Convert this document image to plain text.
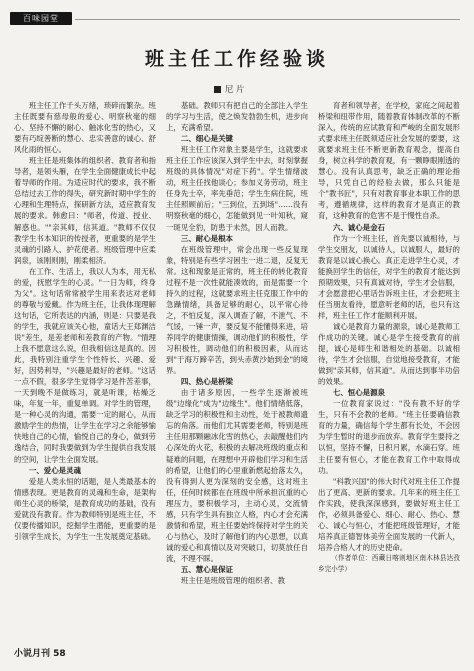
百味园堂
班主任工作经验谈
尼 片

班主任工作千头万绪，琐碎而繁杂。班主任既要有慈母般的爱心、明察秋毫的细心、坚持不懈的耐心、触冰化雪的热心，又要有巧绽善断的慧心、忠实善意的诚心、舒风化雨的恒心。

班主任是班集体的组织者、教育者和指导者，是领头雁，在学生全面健康成长中起着导师的作用。为适应时代的要求，我不断总结过去工作的得失，研究新时期中学生的心理和生理特点，探研新方法，适应教育发展的要求。韩愈曰："师者，传道、授业、解惑也。""亲其师，信其道。"教师不仅仅教学生书本知识的传授者，更重要的是学生灵魂的引路人、护花使者。班级管理中应柔润泉，该刚则刚，刚柔相济。

在工作、生活上，我以人为本，用无私的爱，抚慰学生的心灵。"一日为师，终身为父"。这句话常常被学生用来表达对老师的尊敬与爱戴。作为班主任，让我体现理解这句话，它所表达的内涵，则是：只要是我的学生，我就应该关心他，童话大王郑渊洁说"差生，是差老师和差教育的产物。"情理上我不愿意这么说，但我相信这是真的。因此，我特别注重学生个性特长、兴趣、爱好，因势利导，"兴趣是最好的老师。"这话一点不假，很多学生觉得学习是件苦差事，一天到晚不是做练习，就是听课，枯燥乏味，年复一年，重复单调。对学生的管理，是一种心灵的沟通，需要一定的耐心，从而激励学生的热情，让学生在学习之余能够愉快地自己的心情，愉悦自己的身心，做到劳逸结合，同时我要做到为学生提供自我发展的空间，让学生全面发展。

一、爱心是灵魂

爱是人类永恒的话题，是人类最基本的情感表现。更是教育的灵魂和生命，是架构师生心灵的桥梁，是教育成功的基础，没有爱就没有教育。作为教师特别是班主任，不仅要传播知识，挖掘学生潜能，更重要的是引领学生成长，为学生一生发展奠定基础。

基础。教师只有把自己的全部注入学生的学习与生活，使之焕发勃勃生机，进步向上，充满希望。

二、细心是关键

班主任工作对象主要是学生，这就要求班主任工作应该深入到学生中去，时刻掌握班级的具体情况"对症下药"。学生情绪波动，班主任找他谈心；参加义务劳动，班主任身先士卒，率先垂范；学生生病住院，班主任照顾前后；"三到位，五到场"……没有明察秋毫的细心，怎能做到见一叶知秋，窥一斑见全豹，防患于未然，因人而教。

三、耐心是根本

在班级管理中，常会出现一些反复现象，特别是有些学习困生一进二退，反复无常。这和现象是正常的，班主任的转化教育过程不是一次性就能凑效的，而是需要一个持久的过程，这就要求班主任克服工作中的急躁情绪，具备足够的耐心，以平常心待之，不怕反复，深入调查了解，不泄气、不气馁，一锤一声，要反复不能懂得来进，培养同学的健康情操，调动他们的积极性，学习积极性，调动他们的积极因素，从而达到"于海万蹄辛苦，到头赤黄沙始到金"的境界。

四、热心是桥梁

由于诸多原因，一些学生逐渐被班级"边缘化"成为"边缘生"。他们情绪低落，缺乏学习的积极性和主动性，处于被教师遗忘的角落。而他们尤其需要老师，特别是班主任用那颗融冰化雪的热心，去敲醒他们内心深处的火花，积极的去解决班级的重点和疑难的问题，在理想中开辟他们学习和生活的希望，让他们的心里重新燃起拾落太久，没有得到人更为深刻的安全感，这对班主任，任何时候都在在班级中所承担沉重的心理压力，要积极学习，主动心灵，交流情感，只有学生具有独立人格，内心才会充满激情和希望，班主任要始终保持对学生的关心与热心，及时了解他们的内心思想，以真诚的爱心和真情以及对突破口，切莫放任自流，不理不睬。

五、慧心是保证

班主任是班级管理的组织者、教

育者和领导者，在学校，家庭之间起着桥梁和纽带作用，随着教育体制改革的不断深入，传统的应试教育和严峻的全面发展形式要求班主任既须适应社会发展的要要，这就要求班主任不断更新教育观念，提高自身，树立科学的教育观，有一颗睁眼刚透的慧心。没有认真思考，缺乏正确的理论指导，只凭自己的经验去做，那么只能是个"教书匠"，只有对教育事业本职工作的思考，遵循规律，这样的教育才是真正的教育，这种教育的危害不是于慢性自杀。

六、诚心是金石

作为一个班主任，首先要以诚相待，与学生交朋友，以诚待人，以诚服人，最好的教育是以诚心换心。真正走进学生心灵，才能换回学生的信任，对学生的教育才能达到预期效果，只有真诚对待，学生才会信服，才会愿意把心里话告诉班主任，才会把班主任当朋友看待，愿意听老师的话，也只有这样，班主任工作才能顺利开展。

诚心是教育力量的源泉，诚心是教师工作成功的关键。诚心是学生接受教育的前提，诚心是师生和谐相处的基础。以诚相待，学生才会信服，自觉地接受教育，才能做到"亲其师，信其道"。从而达到事半功倍的效果。

七、恒心是源泉

一位教育家说过："没有教不好的学生，只有不会教的老师。"班主任要确信教育的力量，确信每个学生都有长处，不会因为学生暂时的退步而放弃。教育学生要持之以恒，坚持不懈，日积月累，水滴石穿。班主任要有恒心，才能在教育工作中取得成功。

"科教兴国"的伟大时代对班主任工作提出了更高、更新的要求。几年来的班主任工作实践，使我深深感到，要做好班主任工作，必须具备爱心、细心、耐心、热心、慧心、诚心与恒心，才能把班级管理好，才能培养真正德智体美劳全面发展的一代新人，培养合格人才的历史使命。

（作者单位：西藏日喀则地区南木林县达孜乡完小学）

小说月刊 58
